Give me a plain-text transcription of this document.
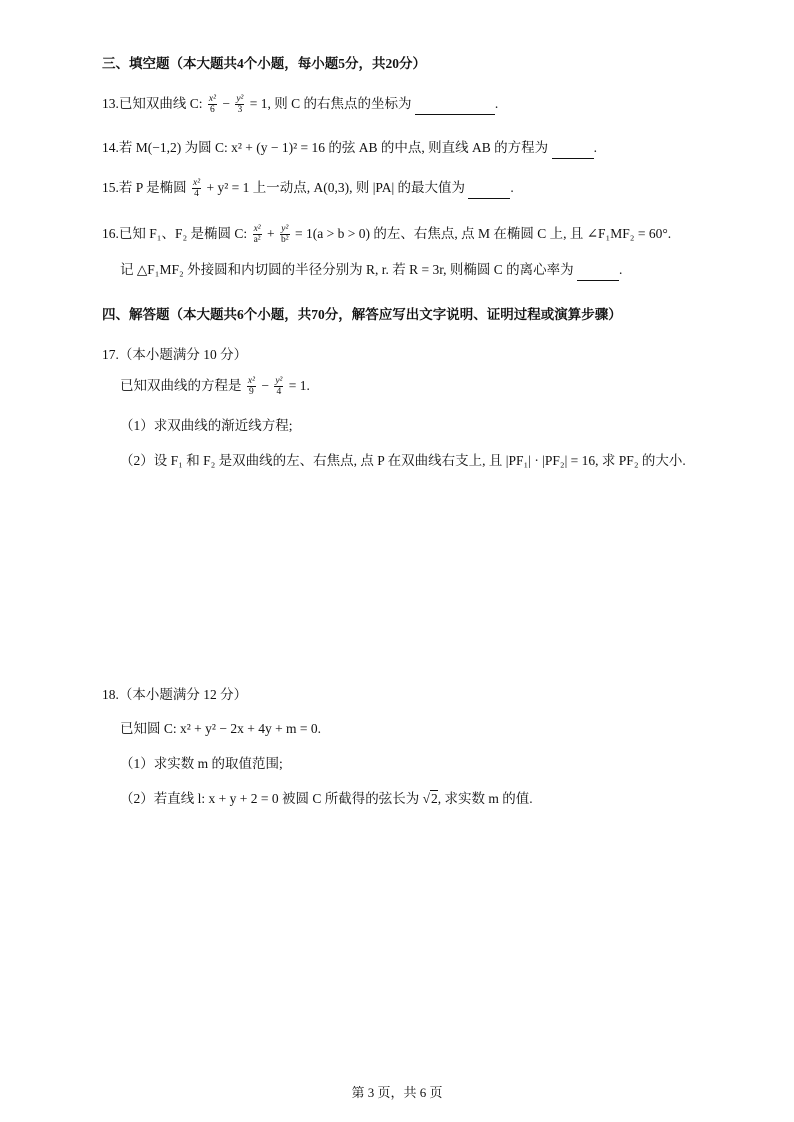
三、填空题（本大题共4个小题，每小题5分，共20分）
13.已知双曲线 C: $\frac{\text{x²}}{6} - \frac{\text{y²}}{3} = 1$, 则 C 的右焦点的坐标为	.
14.若 M(−1,2) 为圆 C: x² + (y − 1)² = 16 的弦 AB 的中点, 则直线 AB 的方程为	.
15.若 P 是椭圆 $\frac{\text{x²}}{4} + y^2 = 1$ 上一动点, A(0,3), 则 |PA| 的最大值为	.
16.已知 F₁、F₂ 是椭圆 C: $\frac{\text{x²}}{\text{a²}} + \frac{\text{y²}}{\text{b²}} = 1(a > b > 0)$ 的左、右焦点, 点 M 在椭圆 C 上, 且 ∠F₁MF₂ = 60°.
记 △F₁MF₂ 外接圆和内切圆的半径分别为 R, r. 若 R = 3r, 则椭圆 C 的离心率为	.
四、解答题（本大题共6个小题，共70分，解答应写出文字说明、证明过程或演算步骤）
17.（本小题满分 10 分）
已知双曲线的方程是 $\frac{\text{x²}}{9} - \frac{\text{y²}}{4} = 1$.
（1）求双曲线的渐近线方程;
（2）设 F₁ 和 F₂ 是双曲线的左、右焦点, 点 P 在双曲线右支上, 且 |PF₁| · |PF₂| = 16, 求 PF₂ 的大小.
18.（本小题满分 12 分）
已知圆 C: x² + y² − 2x + 4y + m = 0.
（1）求实数 m 的取值范围;
（2）若直线 l: x + y + 2 = 0 被圆 C 所截得的弦长为 √2, 求实数 m 的值.
第 3 页，共 6 页
